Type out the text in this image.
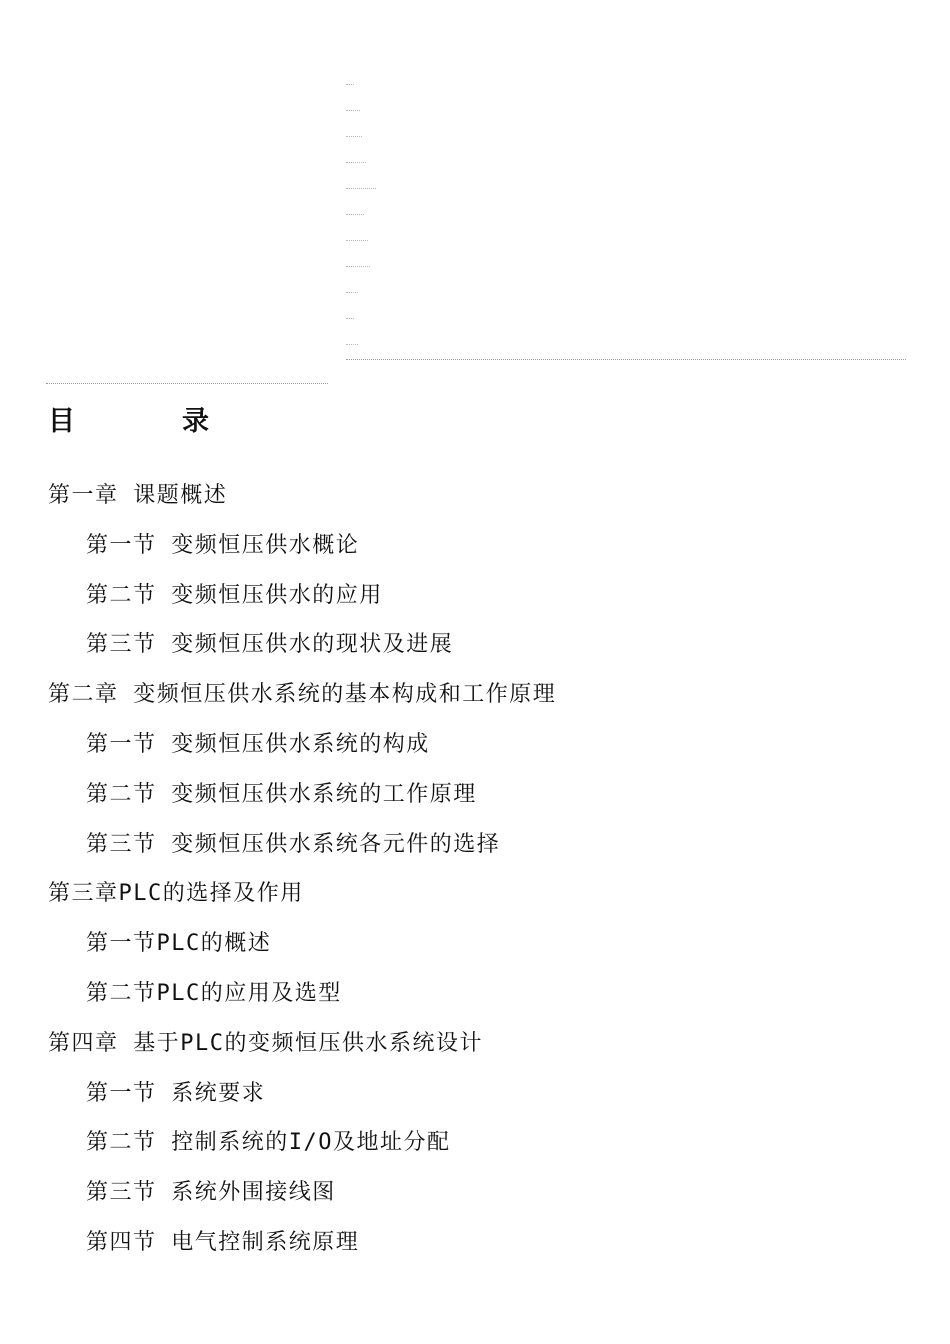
目　录
第一章 课题概述
第一节 变频恒压供水概论
第二节 变频恒压供水的应用
第三节 变频恒压供水的现状及进展
第二章 变频恒压供水系统的基本构成和工作原理
第一节 变频恒压供水系统的构成
第二节 变频恒压供水系统的工作原理
第三节 变频恒压供水系统各元件的选择
第三章PLC的选择及作用
第一节PLC的概述
第二节PLC的应用及选型
第四章 基于PLC的变频恒压供水系统设计
第一节 系统要求
第二节 控制系统的I/O及地址分配
第三节 系统外围接线图
第四节 电气控制系统原理
